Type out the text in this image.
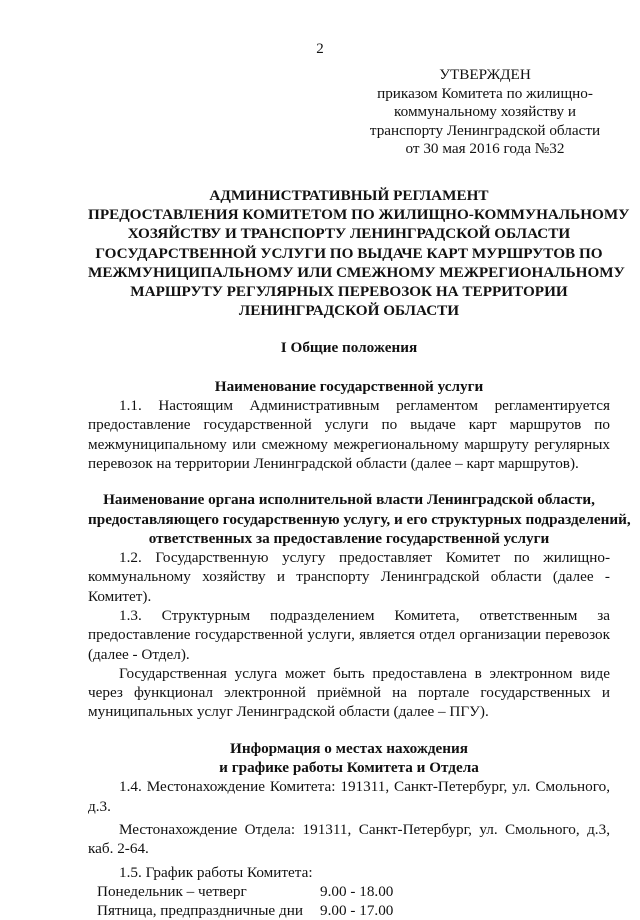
2
УТВЕРЖДЕН
приказом Комитета по жилищно-
коммунальному хозяйству и
транспорту Ленинградской области
от 30 мая 2016 года №32
АДМИНИСТРАТИВНЫЙ РЕГЛАМЕНТ
ПРЕДОСТАВЛЕНИЯ КОМИТЕТОМ ПО ЖИЛИЩНО-КОММУНАЛЬНОМУ
ХОЗЯЙСТВУ И ТРАНСПОРТУ ЛЕНИНГРАДСКОЙ ОБЛАСТИ
ГОСУДАРСТВЕННОЙ УСЛУГИ ПО ВЫДАЧЕ КАРТ МУРШРУТОВ ПО
МЕЖМУНИЦИПАЛЬНОМУ ИЛИ СМЕЖНОМУ МЕЖРЕГИОНАЛЬНОМУ
МАРШРУТУ РЕГУЛЯРНЫХ ПЕРЕВОЗОК НА ТЕРРИТОРИИ
ЛЕНИНГРАДСКОЙ ОБЛАСТИ
I Общие положения
Наименование государственной услуги

1.1. Настоящим Административным регламентом регламентируется предоставление государственной услуги по выдаче карт маршрутов по межмуниципальному или смежному межрегиональному маршруту регулярных перевозок на территории Ленинградской области (далее – карт маршрутов).

Наименование органа исполнительной власти Ленинградской области,
предоставляющего государственную услугу, и его структурных подразделений,
ответственных за предоставление государственной услуги

1.2. Государственную услугу предоставляет Комитет по жилищно-коммунальному хозяйству и транспорту Ленинградской области (далее - Комитет).

1.3. Структурным подразделением Комитета, ответственным за предоставление государственной услуги, является отдел организации перевозок (далее - Отдел).

Государственная услуга может быть предоставлена в электронном виде через функционал электронной приёмной на портале государственных и муниципальных услуг Ленинградской области (далее – ПГУ).

Информация о местах нахождения
и графике работы Комитета и Отдела

1.4. Местонахождение Комитета: 191311, Санкт-Петербург, ул. Смольного, д.3.

Местонахождение Отдела: 191311, Санкт-Петербург, ул. Смольного, д.3, каб. 2-64.

1.5. График работы Комитета:
Понедельник – четверг	9.00 - 18.00
Пятница, предпраздничные дни	9.00 - 17.00
